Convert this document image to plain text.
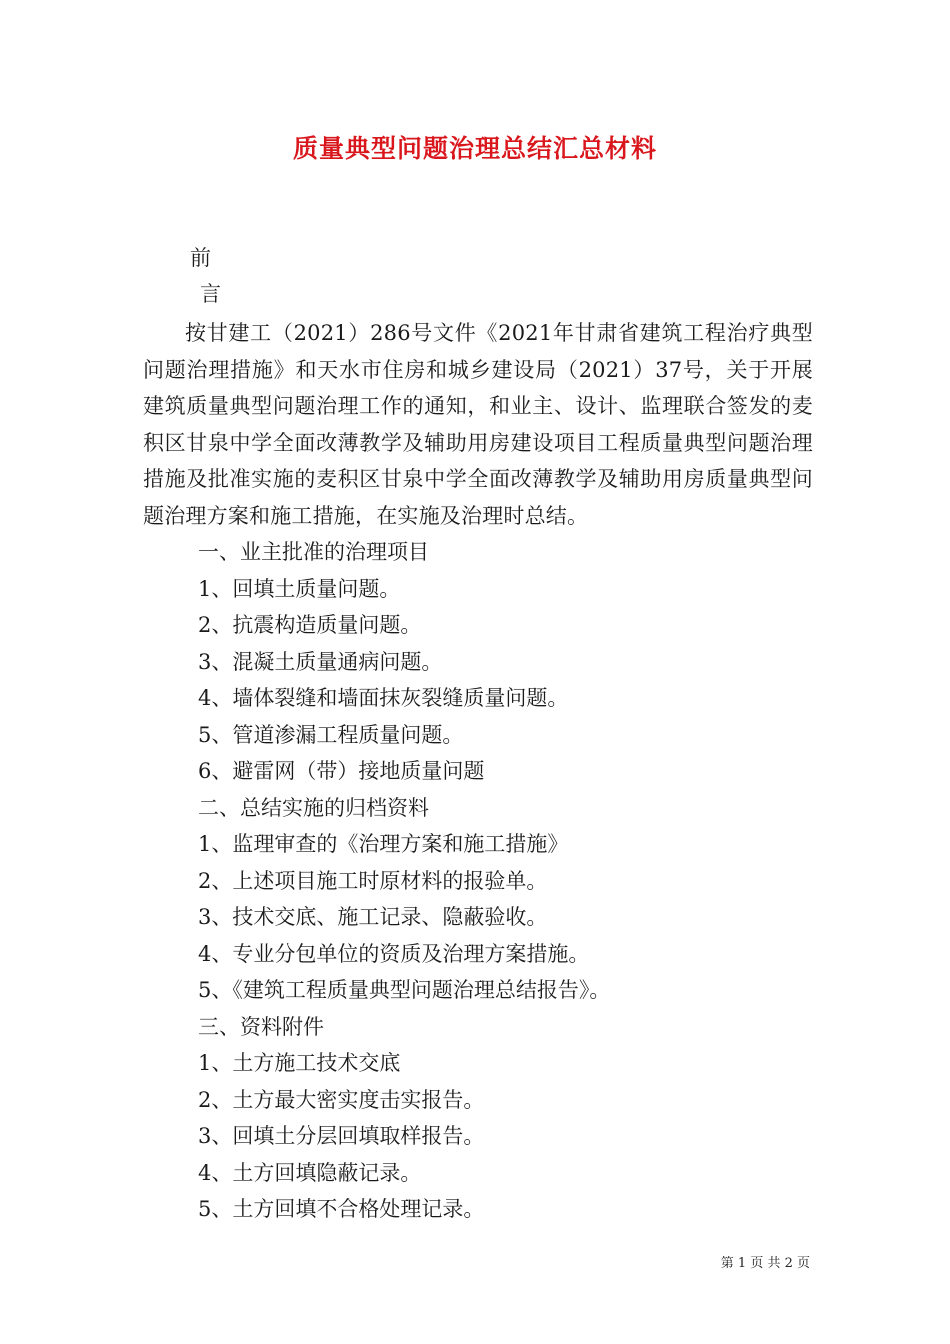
质量典型问题治理总结汇总材料
前
言

按甘建工（2021）286号文件《2021年甘肃省建筑工程治疗典型问题治理措施》和天水市住房和城乡建设局（2021）37号，关于开展建筑质量典型问题治理工作的通知，和业主、设计、监理联合签发的麦积区甘泉中学全面改薄教学及辅助用房建设项目工程质量典型问题治理措施及批准实施的麦积区甘泉中学全面改薄教学及辅助用房质量典型问题治理方案和施工措施，在实施及治理时总结。

一、业主批准的治理项目
1、回填土质量问题。
2、抗震构造质量问题。
3、混凝土质量通病问题。
4、墙体裂缝和墙面抹灰裂缝质量问题。
5、管道渗漏工程质量问题。
6、避雷网（带）接地质量问题
二、总结实施的归档资料
1、监理审查的《治理方案和施工措施》
2、上述项目施工时原材料的报验单。
3、技术交底、施工记录、隐蔽验收。
4、专业分包单位的资质及治理方案措施。
5、《建筑工程质量典型问题治理总结报告》。
三、资料附件
1、土方施工技术交底
2、土方最大密实度击实报告。
3、回填土分层回填取样报告。
4、土方回填隐蔽记录。
5、土方回填不合格处理记录。
第 1 页 共 2 页
